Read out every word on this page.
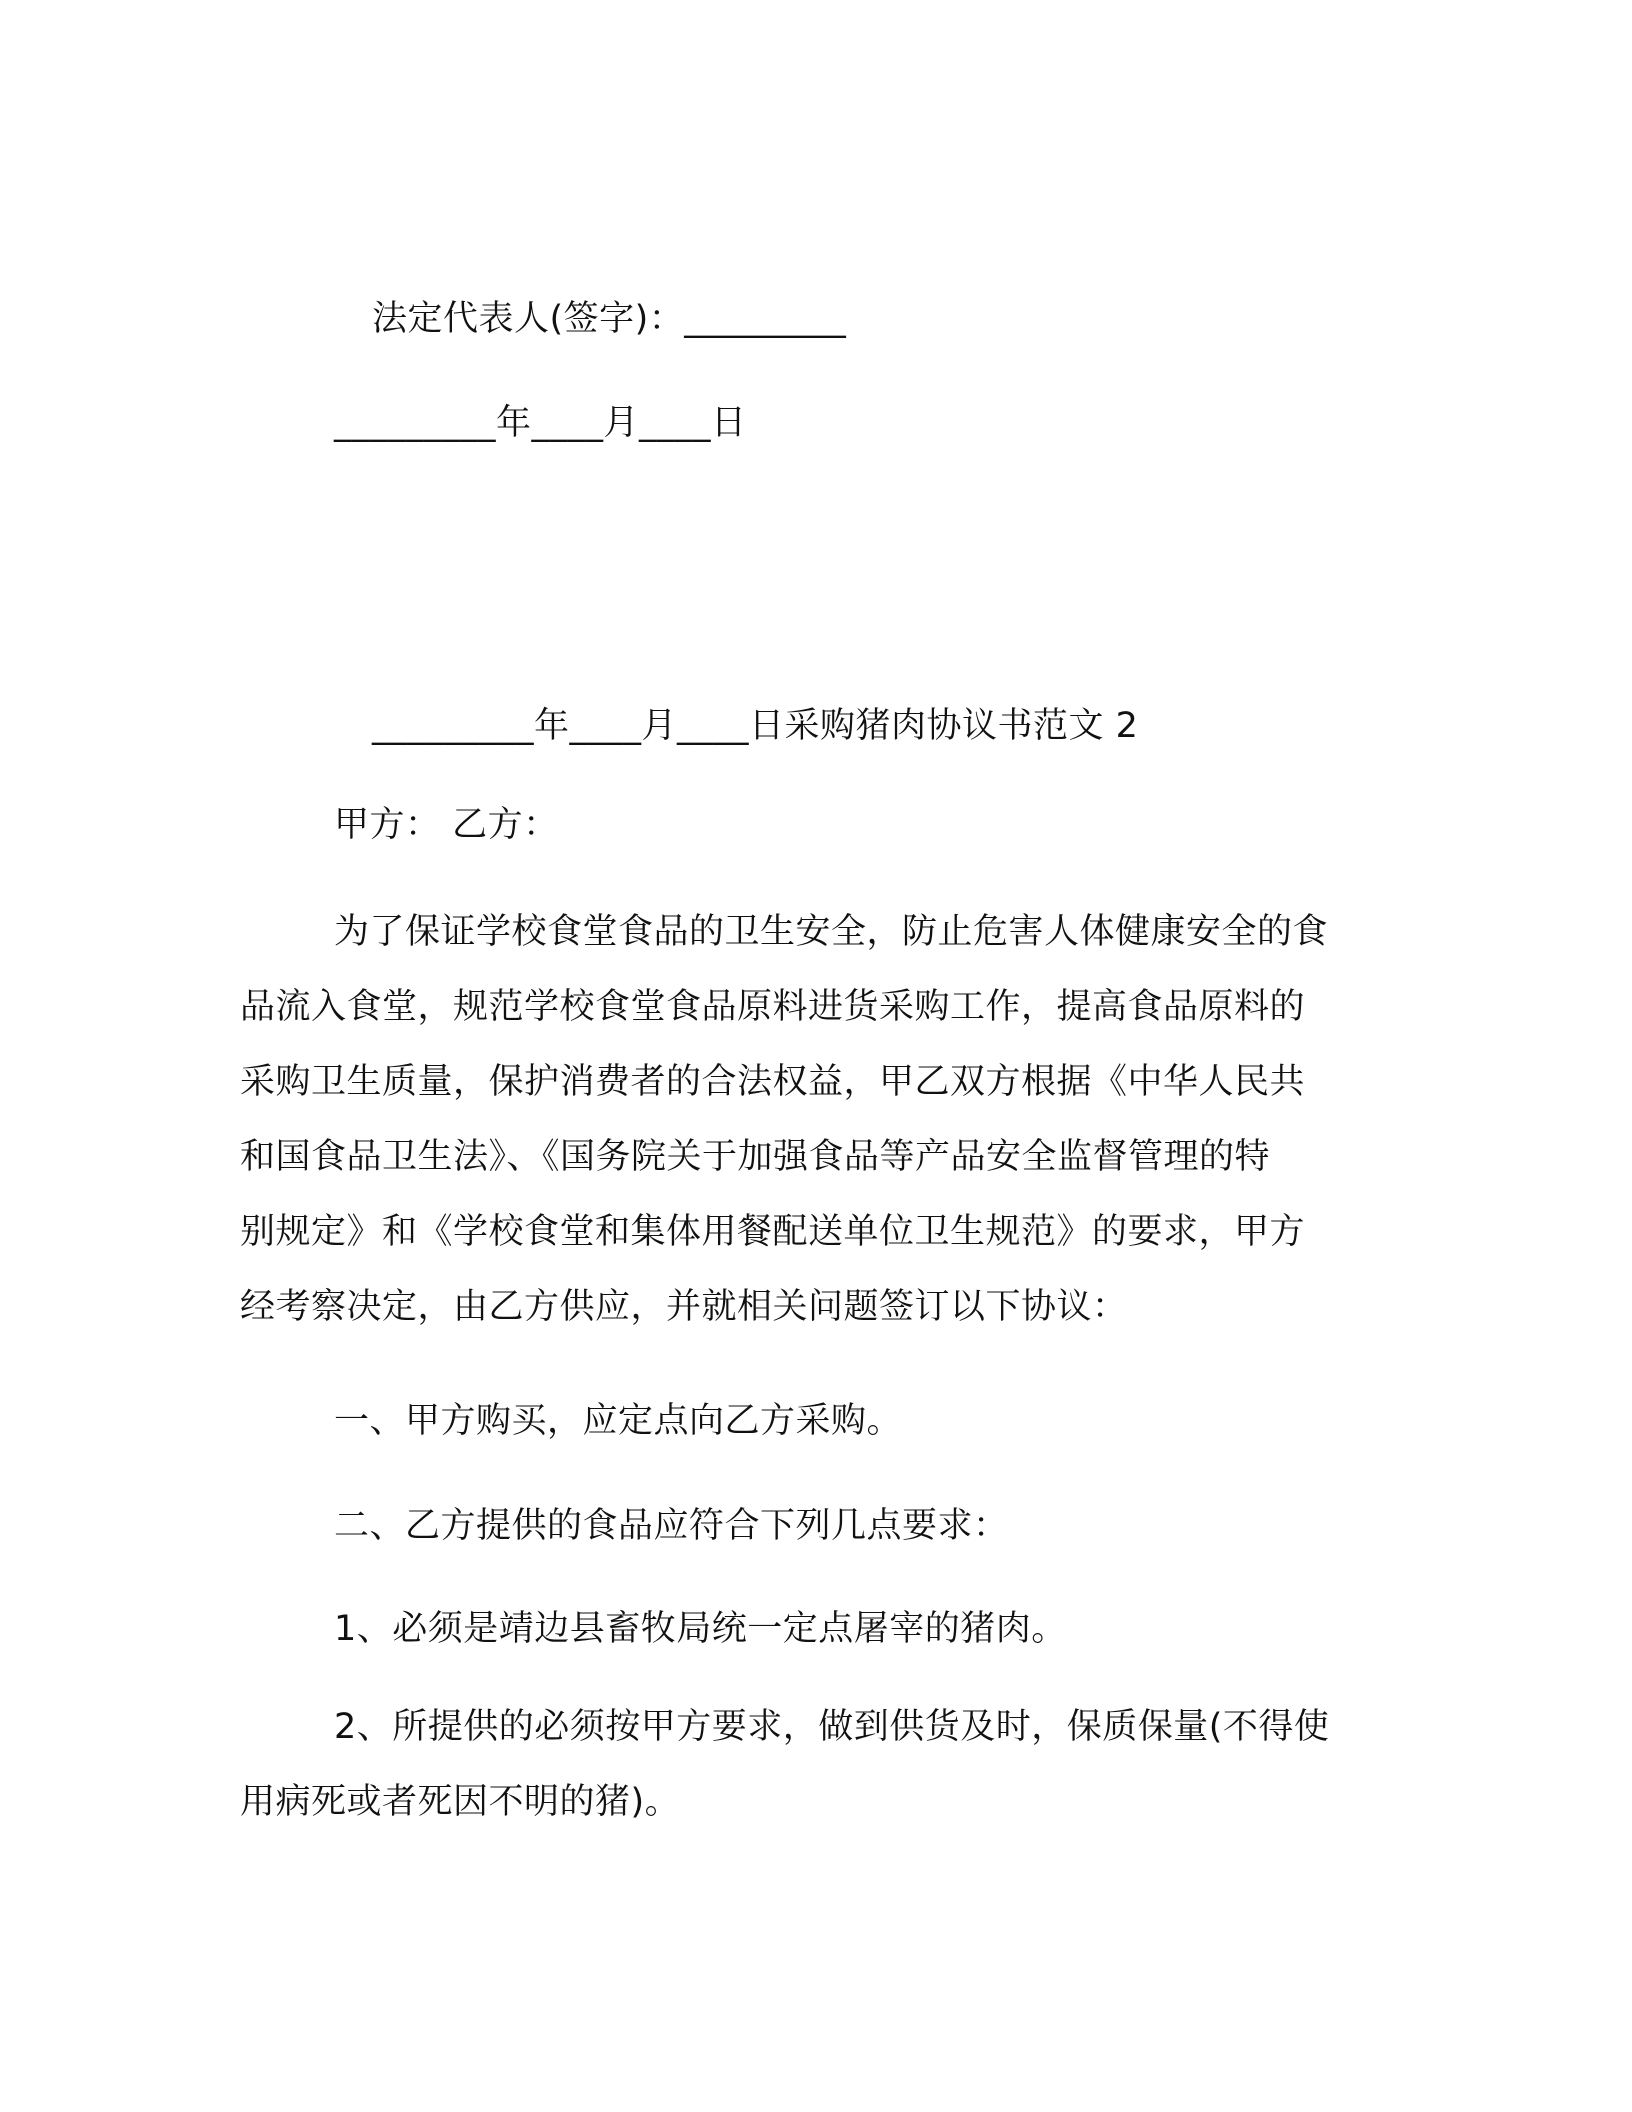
法定代表人(签字)：_________
_________年____月____日
_________年____月____日采购猪肉协议书范文 2
甲方： 乙方：
为了保证学校食堂食品的卫生安全，防止危害人体健康安全的食
品流入食堂，规范学校食堂食品原料进货采购工作，提高食品原料的
采购卫生质量，保护消费者的合法权益，甲乙双方根据《中华人民共
和国食品卫生法》、《国务院关于加强食品等产品安全监督管理的特
别规定》和《学校食堂和集体用餐配送单位卫生规范》的要求，甲方
经考察决定，由乙方供应，并就相关问题签订以下协议：
一、甲方购买，应定点向乙方采购。
二、乙方提供的食品应符合下列几点要求：
1、必须是靖边县畜牧局统一定点屠宰的猪肉。
2、所提供的必须按甲方要求，做到供货及时，保质保量(不得使
用病死或者死因不明的猪)。
